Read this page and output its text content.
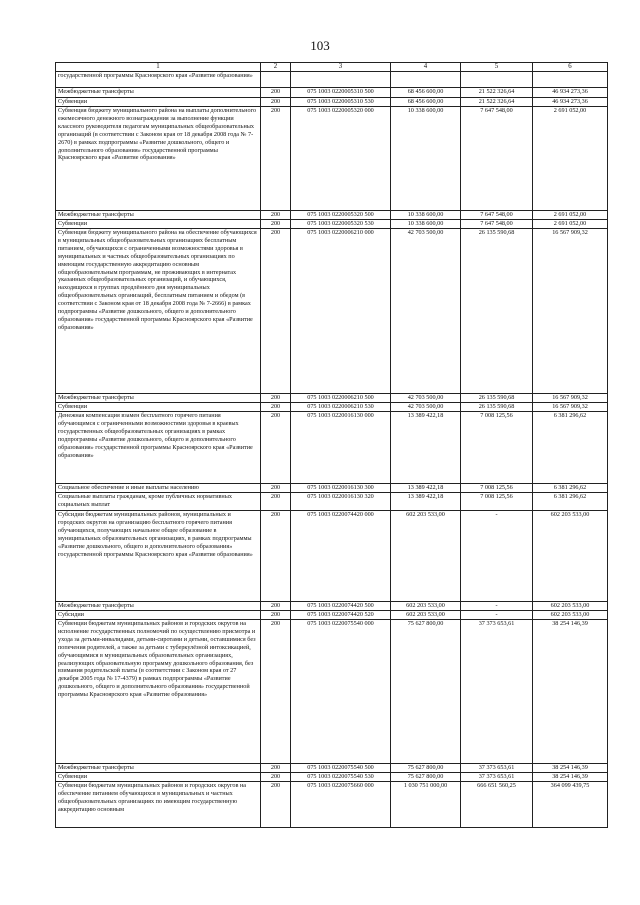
103
1	2	3	4	5	6
государственной программы Красноярского края «Развитие образования»					
Межбюджетные трансферты	200	075 1003 0220005310 500	68 456 600,00	21 522 326,64	46 934 273,36
Субвенции	200	075 1003 0220005310 530	68 456 600,00	21 522 326,64	46 934 273,36
Субвенция бюджету муниципального района на выплаты дополнительного ежемесячного денежного вознаграждения за выполнение функции классного руководителя педагогам муниципальных общеобразовательных организаций (в соответствии с Законом края от 18 декабря 2008 года № 7-2670) в рамках подпрограммы «Развитие дошкольного, общего и дополнительного образования» государственной программы Красноярского края «Развитие образования»	200	075 1003 0220005320 000	10 338 600,00	7 647 548,00	2 691 052,00
Межбюджетные трансферты	200	075 1003 0220005320 500	10 338 600,00	7 647 548,00	2 691 052,00
Субвенции	200	075 1003 0220005320 530	10 338 600,00	7 647 548,00	2 691 052,00
Субвенция бюджету муниципального района на обеспечение обучающихся в муниципальных общеобразовательных организациях бесплатным питанием, обучающихся с ограниченными возможностями здоровья в муниципальных и частных общеобразовательных организациях по имеющим государственную аккредитацию основным общеобразовательным программам, не проживающих в интернатах указанных общеобразовательных организаций, и обучающихся, находящихся в группах продлённого дня муниципальных общеобразовательных организаций, бесплатным питанием и обедом (в соответствии с Законом края от 18 декабря 2008 года № 7-2666) в рамках подпрограммы «Развитие дошкольного, общего и дополнительного образования» государственной программы Красноярского края «Развитие образования»	200	075 1003 0220006210 000	42 703 500,00	26 135 590,68	16 567 909,32
Межбюджетные трансферты	200	075 1003 0220006210 500	42 703 500,00	26 135 590,68	16 567 909,32
Субвенции	200	075 1003 0220006210 530	42 703 500,00	26 135 590,68	16 567 909,32
Денежная компенсация взамен бесплатного горячего питания обучающимся с ограниченными возможностями здоровья в краевых государственных общеобразовательных организациях в рамках подпрограммы «Развитие дошкольного, общего и дополнительного образования» государственной программы Красноярского края «Развитие образования»	200	075 1003 0220016130 000	13 389 422,18	7 008 125,56	6 381 296,62
Социальное обеспечение и иные выплаты населению	200	075 1003 0220016130 300	13 389 422,18	7 008 125,56	6 381 296,62
Социальные выплаты гражданам, кроме публичных нормативных социальных выплат	200	075 1003 0220016130 320	13 389 422,18	7 008 125,56	6 381 296,62
Субсидии бюджетам муниципальных районов, муниципальных и городских округов на организацию бесплатного горячего питания обучающихся, получающих начальное общее образование в муниципальных образовательных организациях, в рамках подпрограммы «Развитие дошкольного, общего и дополнительного образования» государственной программы Красноярского края «Развитие образования»	200	075 1003 0220074420 000	602 203 533,00	-	602 203 533,00
Межбюджетные трансферты	200	075 1003 0220074420 500	602 203 533,00	-	602 203 533,00
Субсидии	200	075 1003 0220074420 520	602 203 533,00	-	602 203 533,00
Субвенции бюджетам муниципальных районов и городских округов на исполнение государственных полномочий по осуществлению присмотра и ухода за детьми-инвалидами, детьми-сиротами и детьми, оставшимися без попечения родителей, а также за детьми с туберкулёзной интоксикацией, обучающимися в муниципальных образовательных организациях, реализующих образовательную программу дошкольного образования, без взимания родительской платы (в соответствии с Законом края от 27 декабря 2005 года № 17-4379) в рамках подпрограммы «Развитие дошкольного, общего и дополнительного образования» государственной программы Красноярского края «Развитие образования»	200	075 1003 0220075540 000	75 627 800,00	37 373 653,61	38 254 146,39
Межбюджетные трансферты	200	075 1003 0220075540 500	75 627 800,00	37 373 653,61	38 254 146,39
Субвенции	200	075 1003 0220075540 530	75 627 800,00	37 373 653,61	38 254 146,39
Субвенции бюджетам муниципальных районов и городских округов на обеспечение питанием обучающихся в муниципальных и частных общеобразовательных организациях по имеющим государственную аккредитацию основным	200	075 1003 0220075660 000	1 030 751 000,00	666 651 560,25	364 099 439,75
